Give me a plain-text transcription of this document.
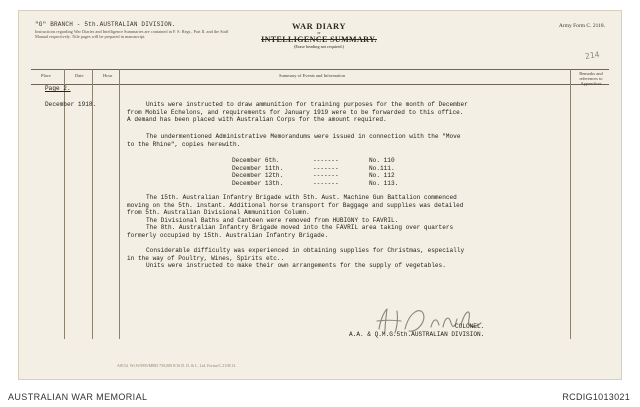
"G" BRANCH - 5th.AUSTRALIAN DIVISION.
Instructions regarding War Diaries and Intelligence Summaries are contained in F. S. Regs., Part II. and the Staff Manual respectively. Title pages will be prepared in manuscript.
WAR DIARY
or
INTELLIGENCE SUMMARY.
(Erase heading not required.)
Army Form C. 2118.
214
Place	Date	Hour	Summary of Events and Information	Remarks and references to Appendices
Page 2.
December 1918.	Units were instructed to draw ammunition for training purposes for the month of December
from Mobile Echelons, and requirements for January 1919 were to be forwarded to this office.
A demand has been placed with Australian Corps for the amount required.
The undermentioned Administrative Memorandums were issued in connection with the "Move
to the Rhine", copies herewith.
December 6th.	-------	No. 110
December 11th.	-------	No.111.
December 12th.	-------	No. 112
December 13th.	-------	No. 113.
The 15th. Australian Infantry Brigade with 5th. Aust. Machine Gun Battalion commenced
moving on the 5th. instant. Additional horse transport for Baggage and supplies was detailed
from 5th. Australian Divisional Ammunition Column.
The Divisional Baths and Canteen were removed from HUBIGNY to FAVRIL.
The 8th. Australian Infantry Brigade moved into the FAVRIL area taking over quarters
formerly occupied by 15th. Australian Infantry Brigade.
Considerable difficulty was experienced in obtaining supplies for Christmas, especially
in the way of Poultry, Wines, Spirits etc..
Units were instructed to make their own arrangements for the supply of vegetables.
COLONEL.
A.A. & Q.M.G.5th.AUSTRALIAN DIVISION.
A8154. Wt.W3995/M883 750,000 8/16 D. D. & L. Ltd. Forms/C.2118/13.
AUSTRALIAN WAR MEMORIAL	RCDIG1013021
